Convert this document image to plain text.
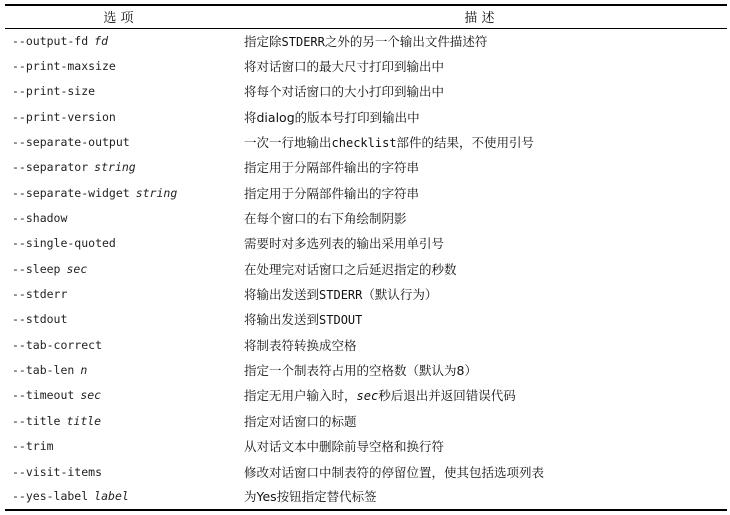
选 项	描 述
--output-fd fd	指定除STDERR之外的另一个输出文件描述符
--print-maxsize	将对话窗口的最大尺寸打印到输出中
--print-size	将每个对话窗口的大小打印到输出中
--print-version	将dialog的版本号打印到输出中
--separate-output	一次一行地输出checklist部件的结果，不使用引号
--separator string	指定用于分隔部件输出的字符串
--separate-widget string	指定用于分隔部件输出的字符串
--shadow	在每个窗口的右下角绘制阴影
--single-quoted	需要时对多选列表的输出采用单引号
--sleep sec	在处理完对话窗口之后延迟指定的秒数
--stderr	将输出发送到STDERR（默认行为）
--stdout	将输出发送到STDOUT
--tab-correct	将制表符转换成空格
--tab-len n	指定一个制表符占用的空格数（默认为8）
--timeout sec	指定无用户输入时，sec秒后退出并返回错误代码
--title title	指定对话窗口的标题
--trim	从对话文本中删除前导空格和换行符
--visit-items	修改对话窗口中制表符的停留位置，使其包括选项列表
--yes-label label	为Yes按钮指定替代标签
